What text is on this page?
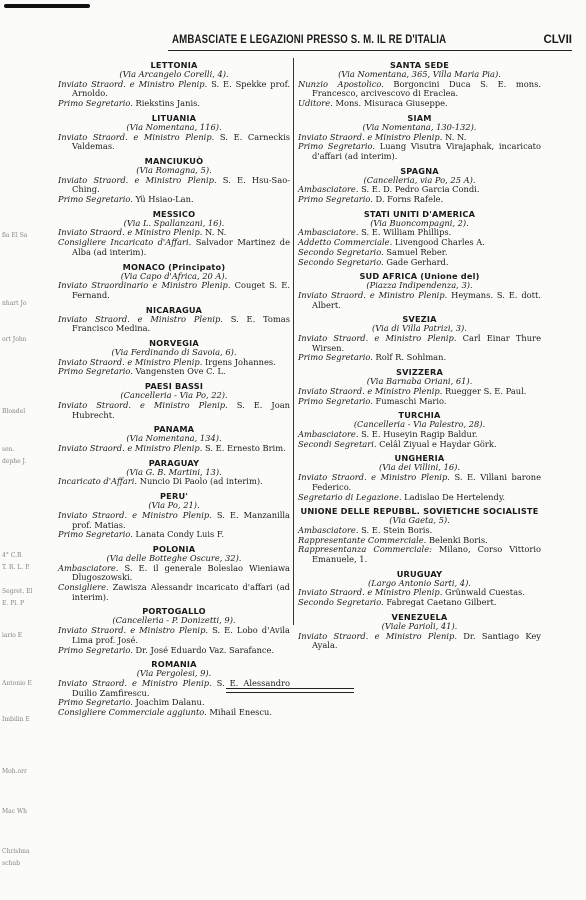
AMBASCIATE E LEGAZIONI PRESSO S. M. IL RE D'ITALIA	CLVII
fia El Sa
nhart Jo
ort John
Blondel
sen.
dephe J.
4° C.R
T. R. L. P.
Segret. El
E. Pl. P
iario E
Antonio E
Imbilin E
Moh.orr
Mac Wh
Chrishna
schub
LETTONIA
(Via Arcangelo Corelli, 4).
Inviato Straord. e Ministro Plenip. S. E. Spekke prof. Arnoldo.
Primo Segretario. Riekstins Janis.
LITUANIA
(Via Nomentana, 116).
Inviato Straord. e Ministro Plenip. S. E. Carneckis Valdemas.
MANCIUKUÒ
(Via Romagna, 5).
Inviato Straord. e Ministro Plenip. S. E. Hsu-Sao-Ching.
Primo Segretario. Yü Hsiao-Lan.
MESSICO
(Via L. Spallanzani, 16).
Inviato Straord. e Ministro Plenip. N. N.
Consigliere Incaricato d'Affari. Salvador Martinez de Alba (ad interim).
MONACO (Principato)
(Via Capo d'Africa, 20 A).
Inviato Straordinario e Ministro Plenip. Couget S. E. Fernand.
NICARAGUA
Inviato Straord. e Ministro Plenip. S. E. Tomas Francisco Medina.
NORVEGIA
(Via Ferdinando di Savoia, 6).
Inviato Straord. e Ministro Plenip. Irgens Johannes.
Primo Segretario. Vangensten Ove C. L.
PAESI BASSI
(Cancelleria - Via Po, 22).
Inviato Straord. e Ministro Plenip. S. E. Joan Hubrecht.
PANAMA
(Via Nomentana, 134).
Inviato Straord. e Ministro Plenip. S. E. Ernesto Brim.
PARAGUAY
(Via G. B. Martini, 13).
Incaricato d'Affari. Nuncio Di Paolo (ad interim).
PERU'
(Via Po, 21).
Inviato Straord. e Ministro Plenip. S. E. Manzanilla prof. Matias.
Primo Segretario. Lanata Condy Luis F.
POLONIA
(Via delle Botteghe Oscure, 32).
Ambasciatore. S. E. il generale Boleslao Wieniawa Dlugoszowski.
Consigliere. Zawisza Alessandr incaricato d'affari (ad interim).
PORTOGALLO
(Cancelleria - P. Donizetti, 9).
Inviato Straord. e Ministro Plenip. S. E. Lobo d'Avila Lima prof. José.
Primo Segretario. Dr. José Eduardo Vaz. Sarafance.
ROMANIA
(Via Pergolesi, 9).
Inviato Straord. e Ministro Plenip. S. E. Alessandro Duilio Zamfirescu.
Primo Segretario. Joachim Dalanu.
Consigliere Commerciale aggiunto. Mihail Enescu.
SANTA SEDE
(Via Nomentana, 365, Villa Maria Pia).
Nunzio Apostolico. Borgoncini Duca S. E. mons. Francesco, arcivescovo di Eraclea.
Uditore. Mons. Misuraca Giuseppe.
SIAM
(Via Nomentana, 130-132).
Inviato Straord. e Ministro Plenip. N. N.
Primo Segretario. Luang Visutra Virajaphak, incaricato d'affari (ad interim).
SPAGNA
(Cancelleria, via Po, 25 A).
Ambasciatore. S. E. D. Pedro Garcia Condi.
Primo Segretario. D. Forns Rafele.
STATI UNITI D'AMERICA
(Via Buoncompagni, 2).
Ambasciatore. S. E. William Phillips.
Addetto Commerciale. Livengood Charles A.
Secondo Segretario. Samuel Reber.
Secondo Segretario. Gade Gerhard.
SUD AFRICA (Unione del)
(Piazza Indipendenza, 3).
Inviato Straord. e Ministro Plenip. Heymans. S. E. dott. Albert.
SVEZIA
(Via di Villa Patrizi, 3).
Inviato Straord. e Ministro Plenip. Carl Einar Thure Wirsen.
Primo Segretario. Rolf R. Sohlman.
SVIZZERA
(Via Barnaba Oriani, 61).
Inviato Straord. e Ministro Plenip. Ruegger S. E. Paul.
Primo Segretario. Fumaschi Mario.
TURCHIA
(Cancelleria - Via Palestro, 28).
Ambasciatore. S. E. Huseyin Ragip Baldur.
Secondi Segretari. Celâl Ziyual e Haydar Görk.
UNGHERIA
(Via dei Villini, 16).
Inviato Straord. e Ministro Plenip. S. E. Villani barone Federico.
Segretario di Legazione. Ladislao De Hertelendy.
UNIONE DELLE REPUBBL. SOVIETICHE SOCIALISTE
(Via Gaeta, 5).
Ambasciatore. S. E. Stein Boris.
Rappresentante Commerciale. Belenki Boris.
Rappresentanza Commerciale: Milano, Corso Vittorio Emanuele, 1.
URUGUAY
(Largo Antonio Sarti, 4).
Inviato Straord. e Ministro Plenip. Grünwald Cuestas.
Secondo Segretario. Fabregat Caetano Gilbert.
VENEZUELA
(Viale Parioli, 41).
Inviato Straord. e Ministro Plenip. Dr. Santiago Key Ayala.
